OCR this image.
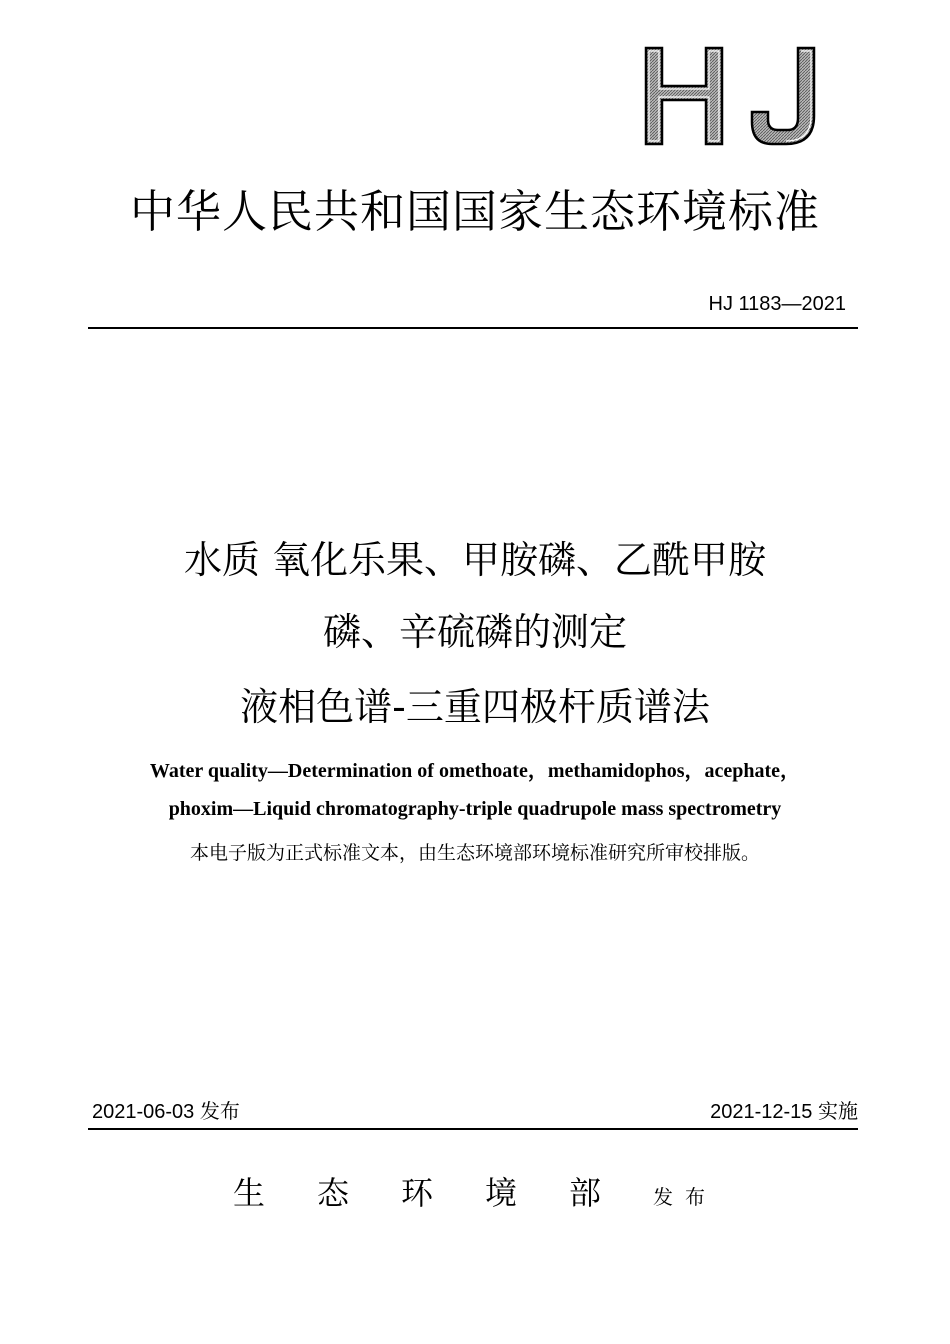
中华人民共和国国家生态环境标准
HJ 1183—2021
水质 氧化乐果、甲胺磷、乙酰甲胺
磷、辛硫磷的测定
液相色谱-三重四极杆质谱法
Water quality—Determination of omethoate，methamidophos，acephate，
phoxim—Liquid chromatography-triple quadrupole mass spectrometry
本电子版为正式标准文本，由生态环境部环境标准研究所审校排版。
2021-06-03 发布	2021-12-15 实施
生态环境部发布
